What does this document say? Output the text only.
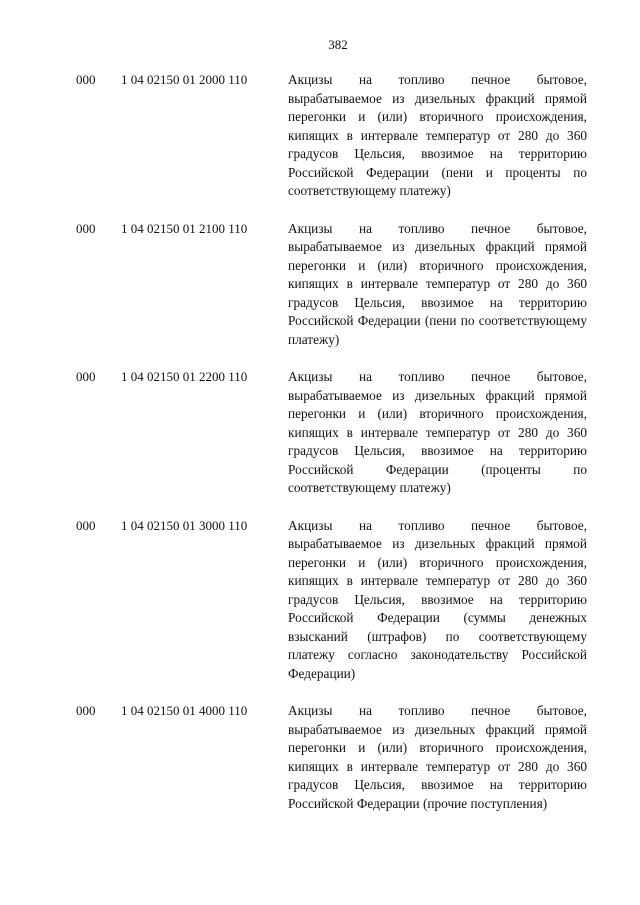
382
000 1 04 02150 01 2000 110	Акцизы на топливо печное бытовое, вырабатываемое из дизельных фракций прямой перегонки и (или) вторичного происхождения, кипящих в интервале температур от 280 до 360 градусов Цельсия, ввозимое на территорию Российской Федерации (пени и проценты по соответствующему платежу)
000 1 04 02150 01 2100 110	Акцизы на топливо печное бытовое, вырабатываемое из дизельных фракций прямой перегонки и (или) вторичного происхождения, кипящих в интервале температур от 280 до 360 градусов Цельсия, ввозимое на территорию Российской Федерации (пени по соответствующему платежу)
000 1 04 02150 01 2200 110	Акцизы на топливо печное бытовое, вырабатываемое из дизельных фракций прямой перегонки и (или) вторичного происхождения, кипящих в интервале температур от 280 до 360 градусов Цельсия, ввозимое на территорию Российской Федерации (проценты по соответствующему платежу)
000 1 04 02150 01 3000 110	Акцизы на топливо печное бытовое, вырабатываемое из дизельных фракций прямой перегонки и (или) вторичного происхождения, кипящих в интервале температур от 280 до 360 градусов Цельсия, ввозимое на территорию Российской Федерации (суммы денежных взысканий (штрафов) по соответствующему платежу согласно законодательству Российской Федерации)
000 1 04 02150 01 4000 110	Акцизы на топливо печное бытовое, вырабатываемое из дизельных фракций прямой перегонки и (или) вторичного происхождения, кипящих в интервале температур от 280 до 360 градусов Цельсия, ввозимое на территорию Российской Федерации (прочие поступления)
